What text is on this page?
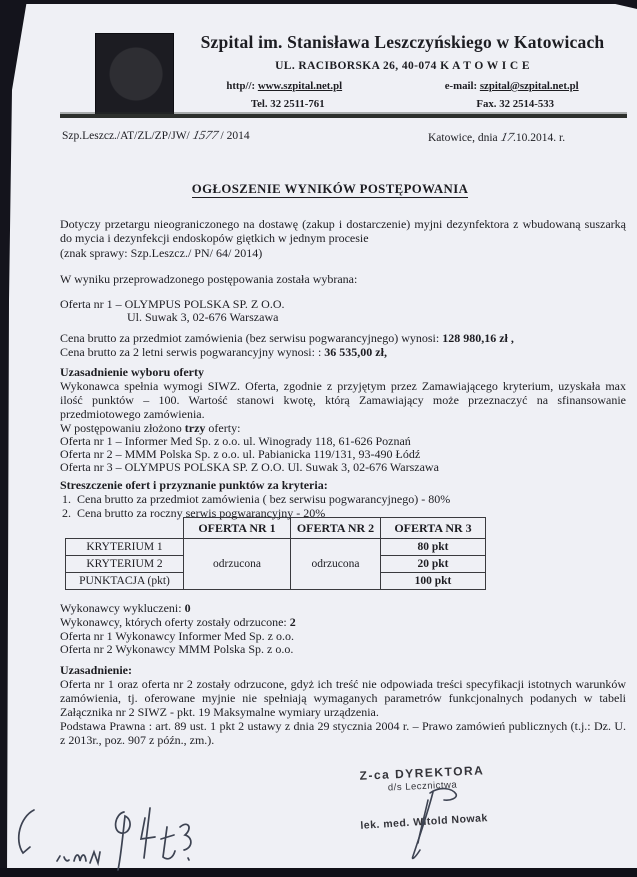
Szpital im. Stanisława Leszczyńskiego w Katowicach
UL. RACIBORSKA 26, 40-074 K A T O W I C E
http//: www.szpital.net.pl	e-mail: szpital@szpital.net.pl
Tel. 32 2511-761	Fax. 32 2514-533
Szp.Leszcz./AT/ZL/ZP/JW/ 1577 / 2014	Katowice, dnia 17.10.2014. r.
OGŁOSZENIE WYNIKÓW POSTĘPOWANIA
Dotyczy przetargu nieograniczonego na dostawę (zakup i dostarczenie) myjni dezynfektora z wbudowaną suszarką do mycia i dezynfekcji endoskopów giętkich w jednym procesie
(znak sprawy: Szp.Leszcz./ PN/ 64/ 2014)
W wyniku przeprowadzonego postępowania została wybrana:
Oferta nr 1 – OLYMPUS POLSKA SP. Z O.O.
Ul. Suwak 3, 02-676 Warszawa
Cena brutto za przedmiot zamówienia (bez serwisu pogwarancyjnego) wynosi: 128 980,16 zł ,
Cena brutto za 2 letni serwis pogwarancyjny wynosi: : 36 535,00 zł,
Uzasadnienie wyboru oferty
Wykonawca spełnia wymogi SIWZ. Oferta, zgodnie z przyjętym przez Zamawiającego kryterium, uzyskała max ilość punktów – 100. Wartość stanowi kwotę, którą Zamawiający może przeznaczyć na sfinansowanie przedmiotowego zamówienia.
W postępowaniu złożono trzy oferty:
Oferta nr 1 – Informer Med Sp. z o.o. ul. Winogrady 118, 61-626 Poznań
Oferta nr 2 – MMM Polska Sp. z o.o. ul. Pabianicka 119/131, 93-490 Łódź
Oferta nr 3 – OLYMPUS POLSKA SP. Z O.O. Ul. Suwak 3, 02-676 Warszawa
Streszczenie ofert i przyznanie punktów za kryteria:
1.  Cena brutto za przedmiot zamówienia ( bez serwisu pogwarancyjnego) - 80%
2.  Cena brutto za roczny serwis pogwarancyjny - 20%
	OFERTA NR 1	OFERTA NR 2	OFERTA NR 3
KRYTERIUM 1	odrzucona	odrzucona	80 pkt
KRYTERIUM 2			20 pkt
PUNKTACJA (pkt)			100 pkt
Wykonawcy wykluczeni: 0
Wykonawcy, których oferty zostały odrzucone: 2
Oferta nr 1 Wykonawcy Informer Med Sp. z o.o.
Oferta nr 2 Wykonawcy MMM Polska Sp. z o.o.
Uzasadnienie:
Oferta nr 1 oraz oferta nr 2 zostały odrzucone, gdyż ich treść nie odpowiada treści specyfikacji istotnych warunków zamówienia, tj. oferowane myjnie nie spełniają wymaganych parametrów funkcjonalnych podanych w tabeli Załącznika nr 2 SIWZ - pkt. 19 Maksymalne wymiary urządzenia.
Podstawa Prawna : art. 89 ust. 1 pkt 2 ustawy z dnia 29 stycznia 2004 r. – Prawo zamówień publicznych (t.j.: Dz. U. z 2013r., poz. 907 z późn., zm.).
Z-ca DYREKTORA
d/s Lecznictwa
lek. med. Witold Nowak
